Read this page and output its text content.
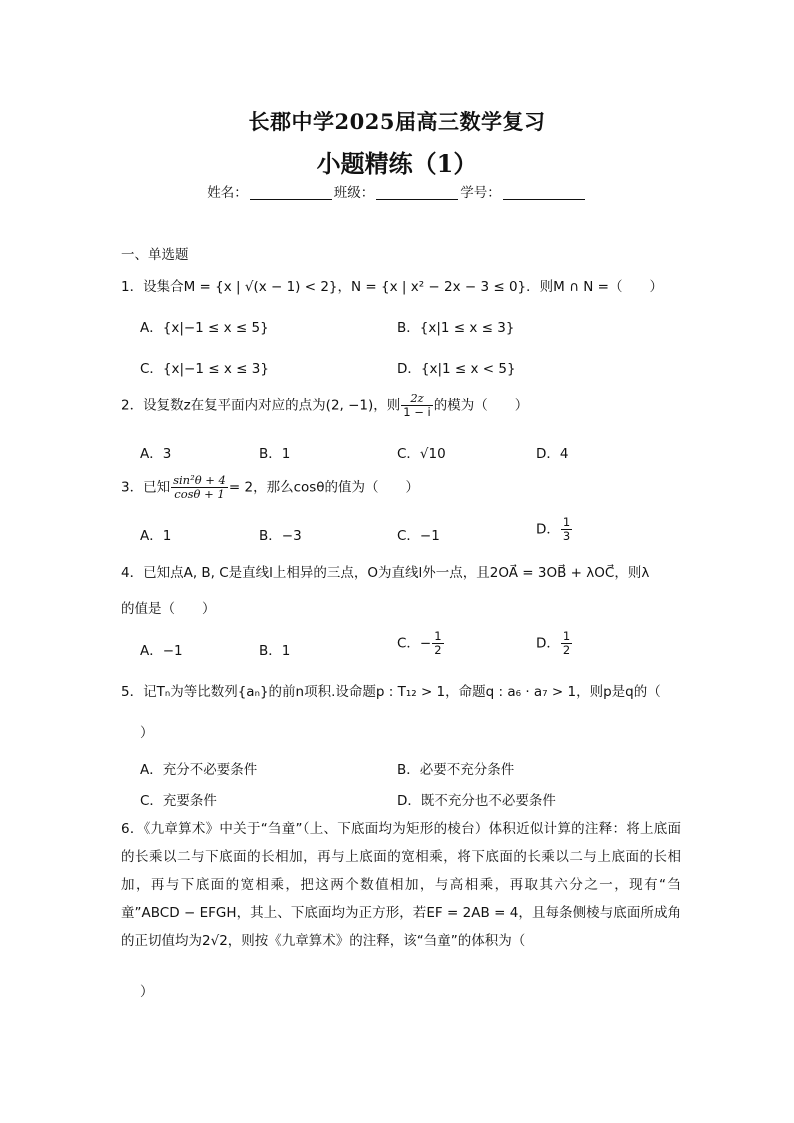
长郡中学2025届高三数学复习
小题精练（1）
姓名：	班级：	学号：
一、单选题
1．设集合M = {x | √(x − 1) < 2}，N = {x | x² − 2x − 3 ≤ 0}．则M ∩ N =（　　）
A．{x|−1 ≤ x ≤ 5}	B．{x|1 ≤ x ≤ 3}
C．{x|−1 ≤ x ≤ 3}	D．{x|1 ≤ x < 5}
2．设复数z在复平面内对应的点为(2, −1)，则 $\frac{2z}{1 - i}$ 的模为（　　）
A．3	B．1	C．√10	D．4
3．已知 $\frac{\text{sin²θ + 4}}{\cos\theta + 1} = 2$，那么cosθ的值为（　　）
A．1	B．−3	C．−1	D． $\frac{1}{3}$
4．已知点A, B, C是直线l上相异的三点，O为直线l外一点，且2OA⃗ = 3OB⃗ + λOC⃗，则λ
的值是（　　）
A．−1	B．1	C．− $\frac{1}{2}$	D． $\frac{1}{2}$
5．记Tₙ为等比数列{aₙ}的前n项积.设命题p : T₁₂ > 1，命题q : a₆ · a₇ > 1，则p是q的（
）
A．充分不必要条件	B．必要不充分条件
C．充要条件	D．既不充分也不必要条件
6．《九章算术》中关于“刍童”（上、下底面均为矩形的棱台）体积近似计算的注释：将上底面的长乘以二与下底面的长相加，再与上底面的宽相乘，将下底面的长乘以二与上底面的长相加，再与下底面的宽相乘，把这两个数值相加，与高相乘，再取其六分之一，现有“刍童”ABCD − EFGH，其上、下底面均为正方形，若EF = 2AB = 4，且每条侧棱与底面所成角的正切值均为2√2，则按《九章算术》的注释，该“刍童”的体积为（
）
